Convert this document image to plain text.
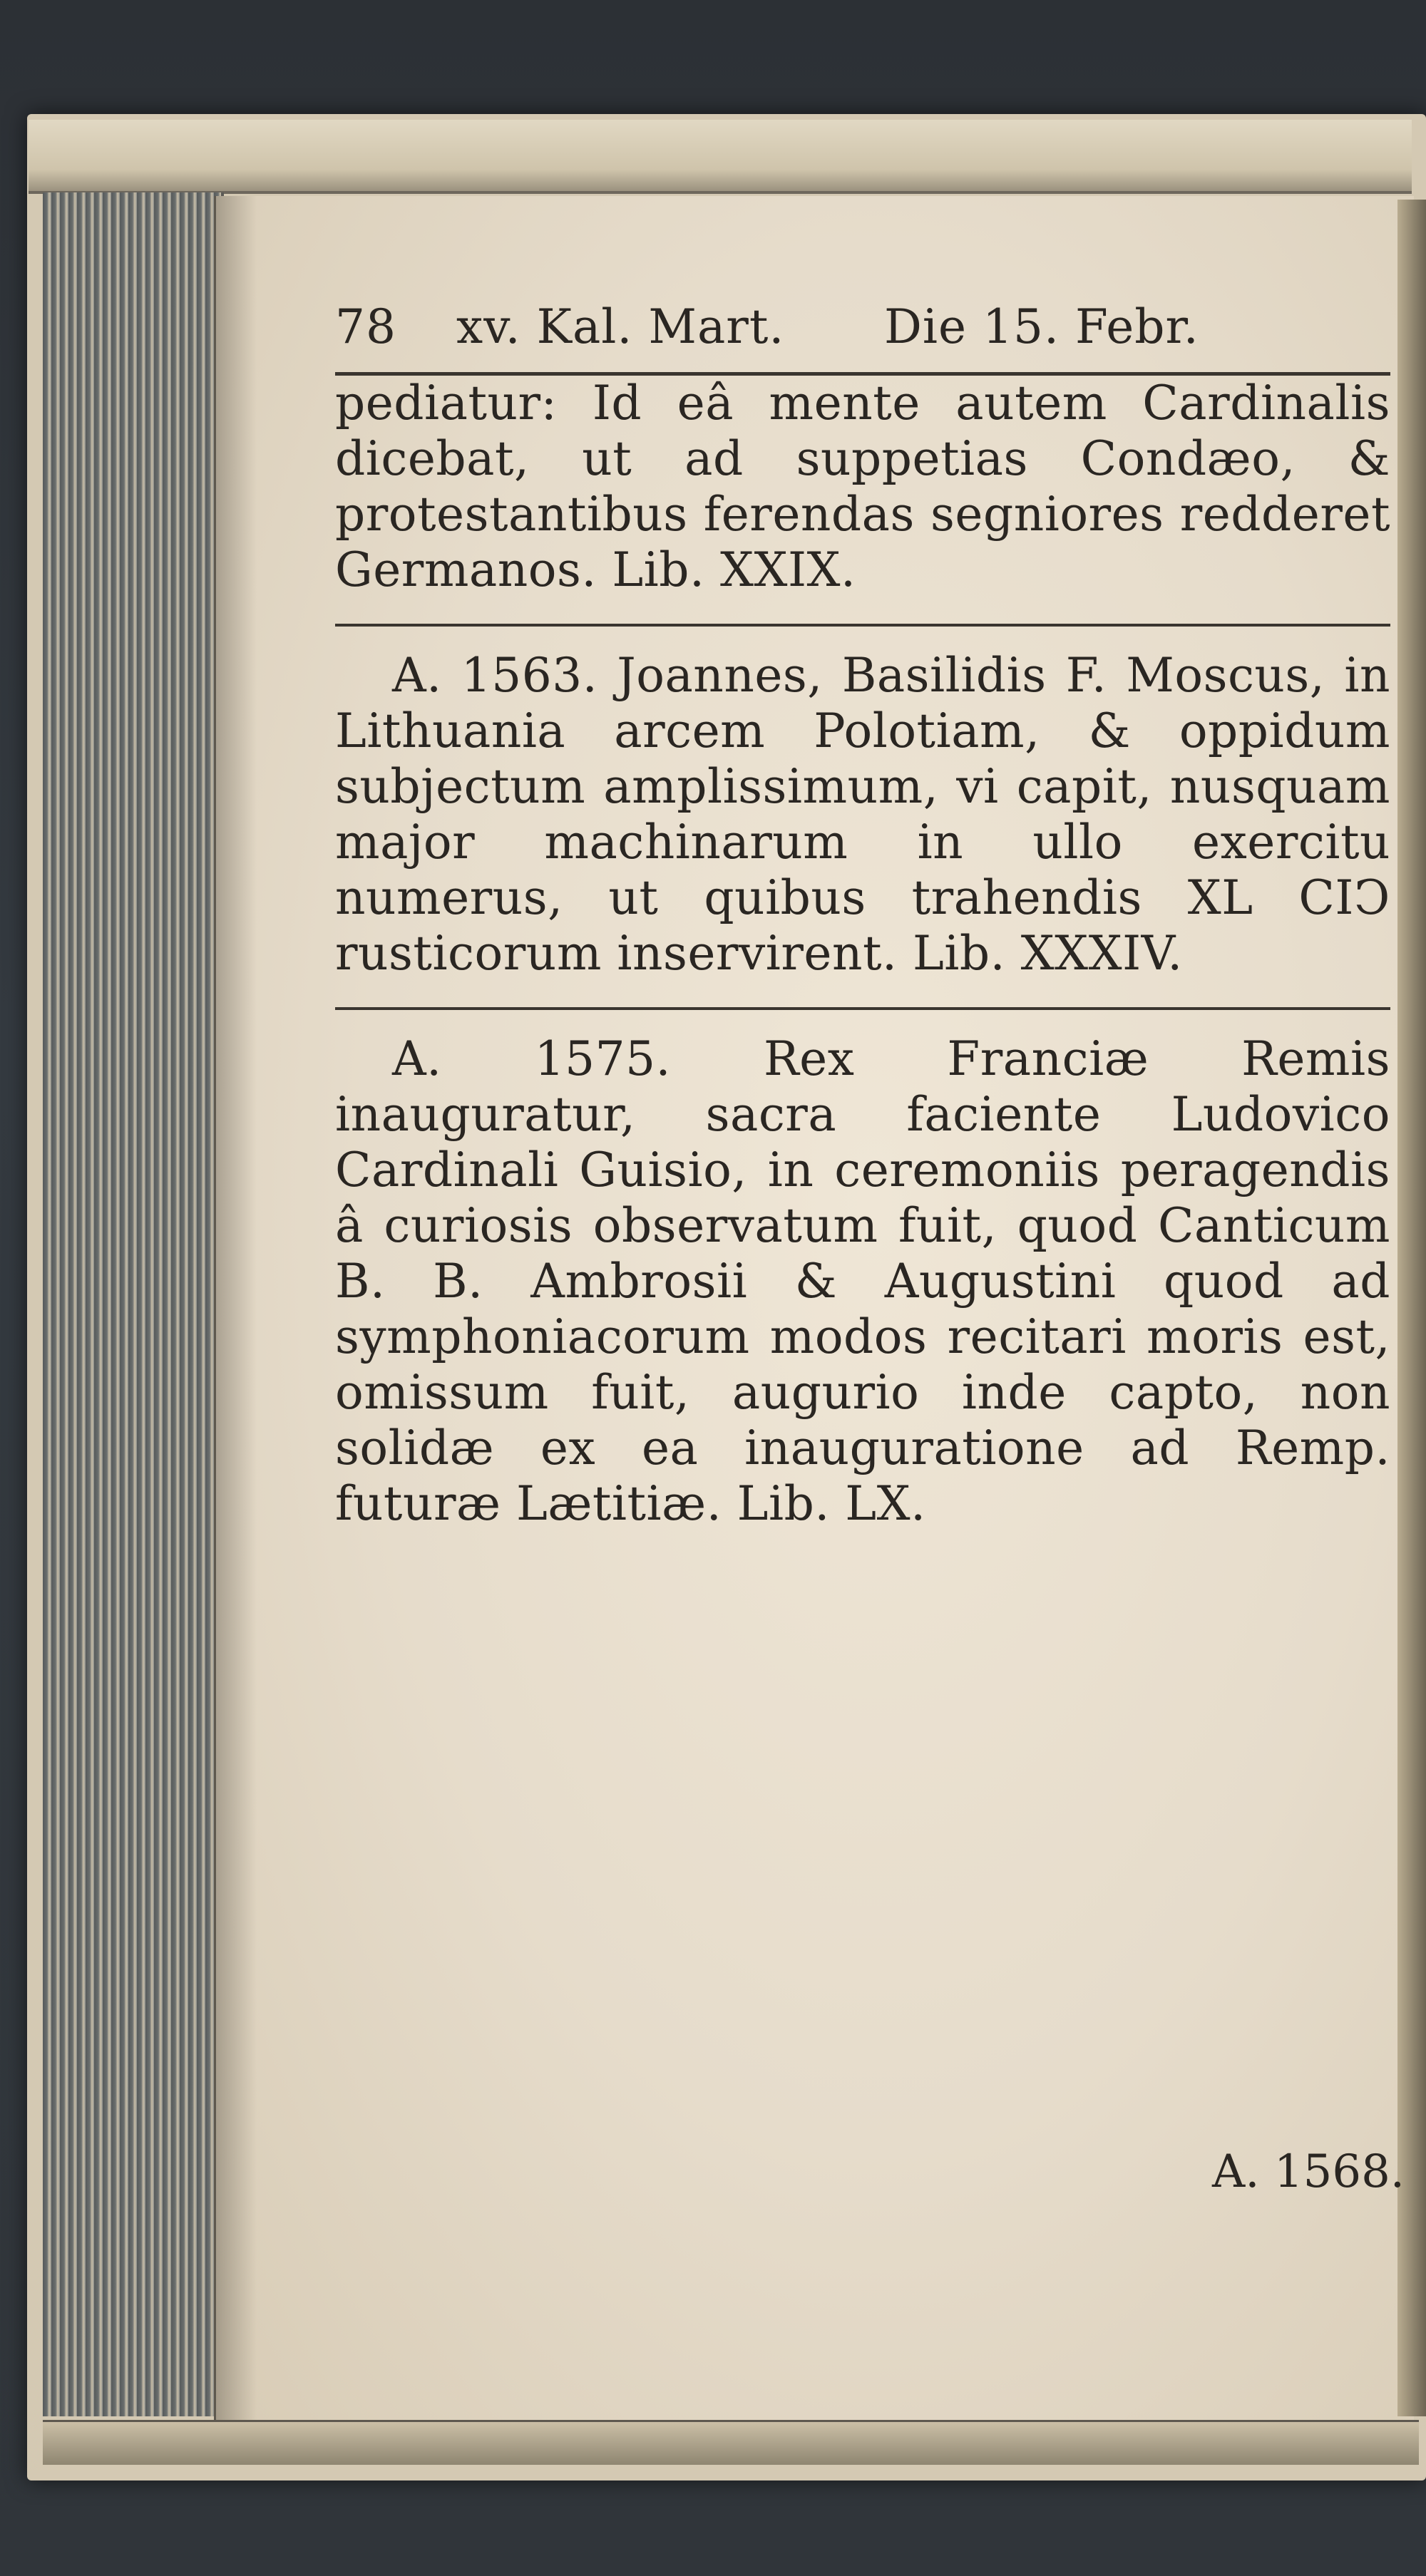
78	xv. Kal. Mart.	Die 15. Febr.

pediatur: Id eâ mente autem Cardinalis dicebat, ut ad suppetias Condæo, & protestantibus ferendas segniores redderet Germanos. Lib. XXIX.

A. 1563. Joannes, Basilidis F. Moscus, in Lithuania arcem Polotiam, & oppidum subjectum amplissimum, vi capit, nusquam major machinarum in ullo exercitu numerus, ut quibus trahendis XL CIↃ rusticorum inservirent. Lib. XXXIV.

A. 1575. Rex Franciæ Remis inauguratur, sacra faciente Ludovico Cardinali Guisio, in ceremoniis peragendis â curiosis observatum fuit, quod Canticum B. B. Ambrosii & Augustini quod ad symphoniacorum modos recitari moris est, omissum fuit, augurio inde capto, non solidæ ex ea inauguratione ad Remp. futuræ Lætitiæ. Lib. LX.

A. 1568.
